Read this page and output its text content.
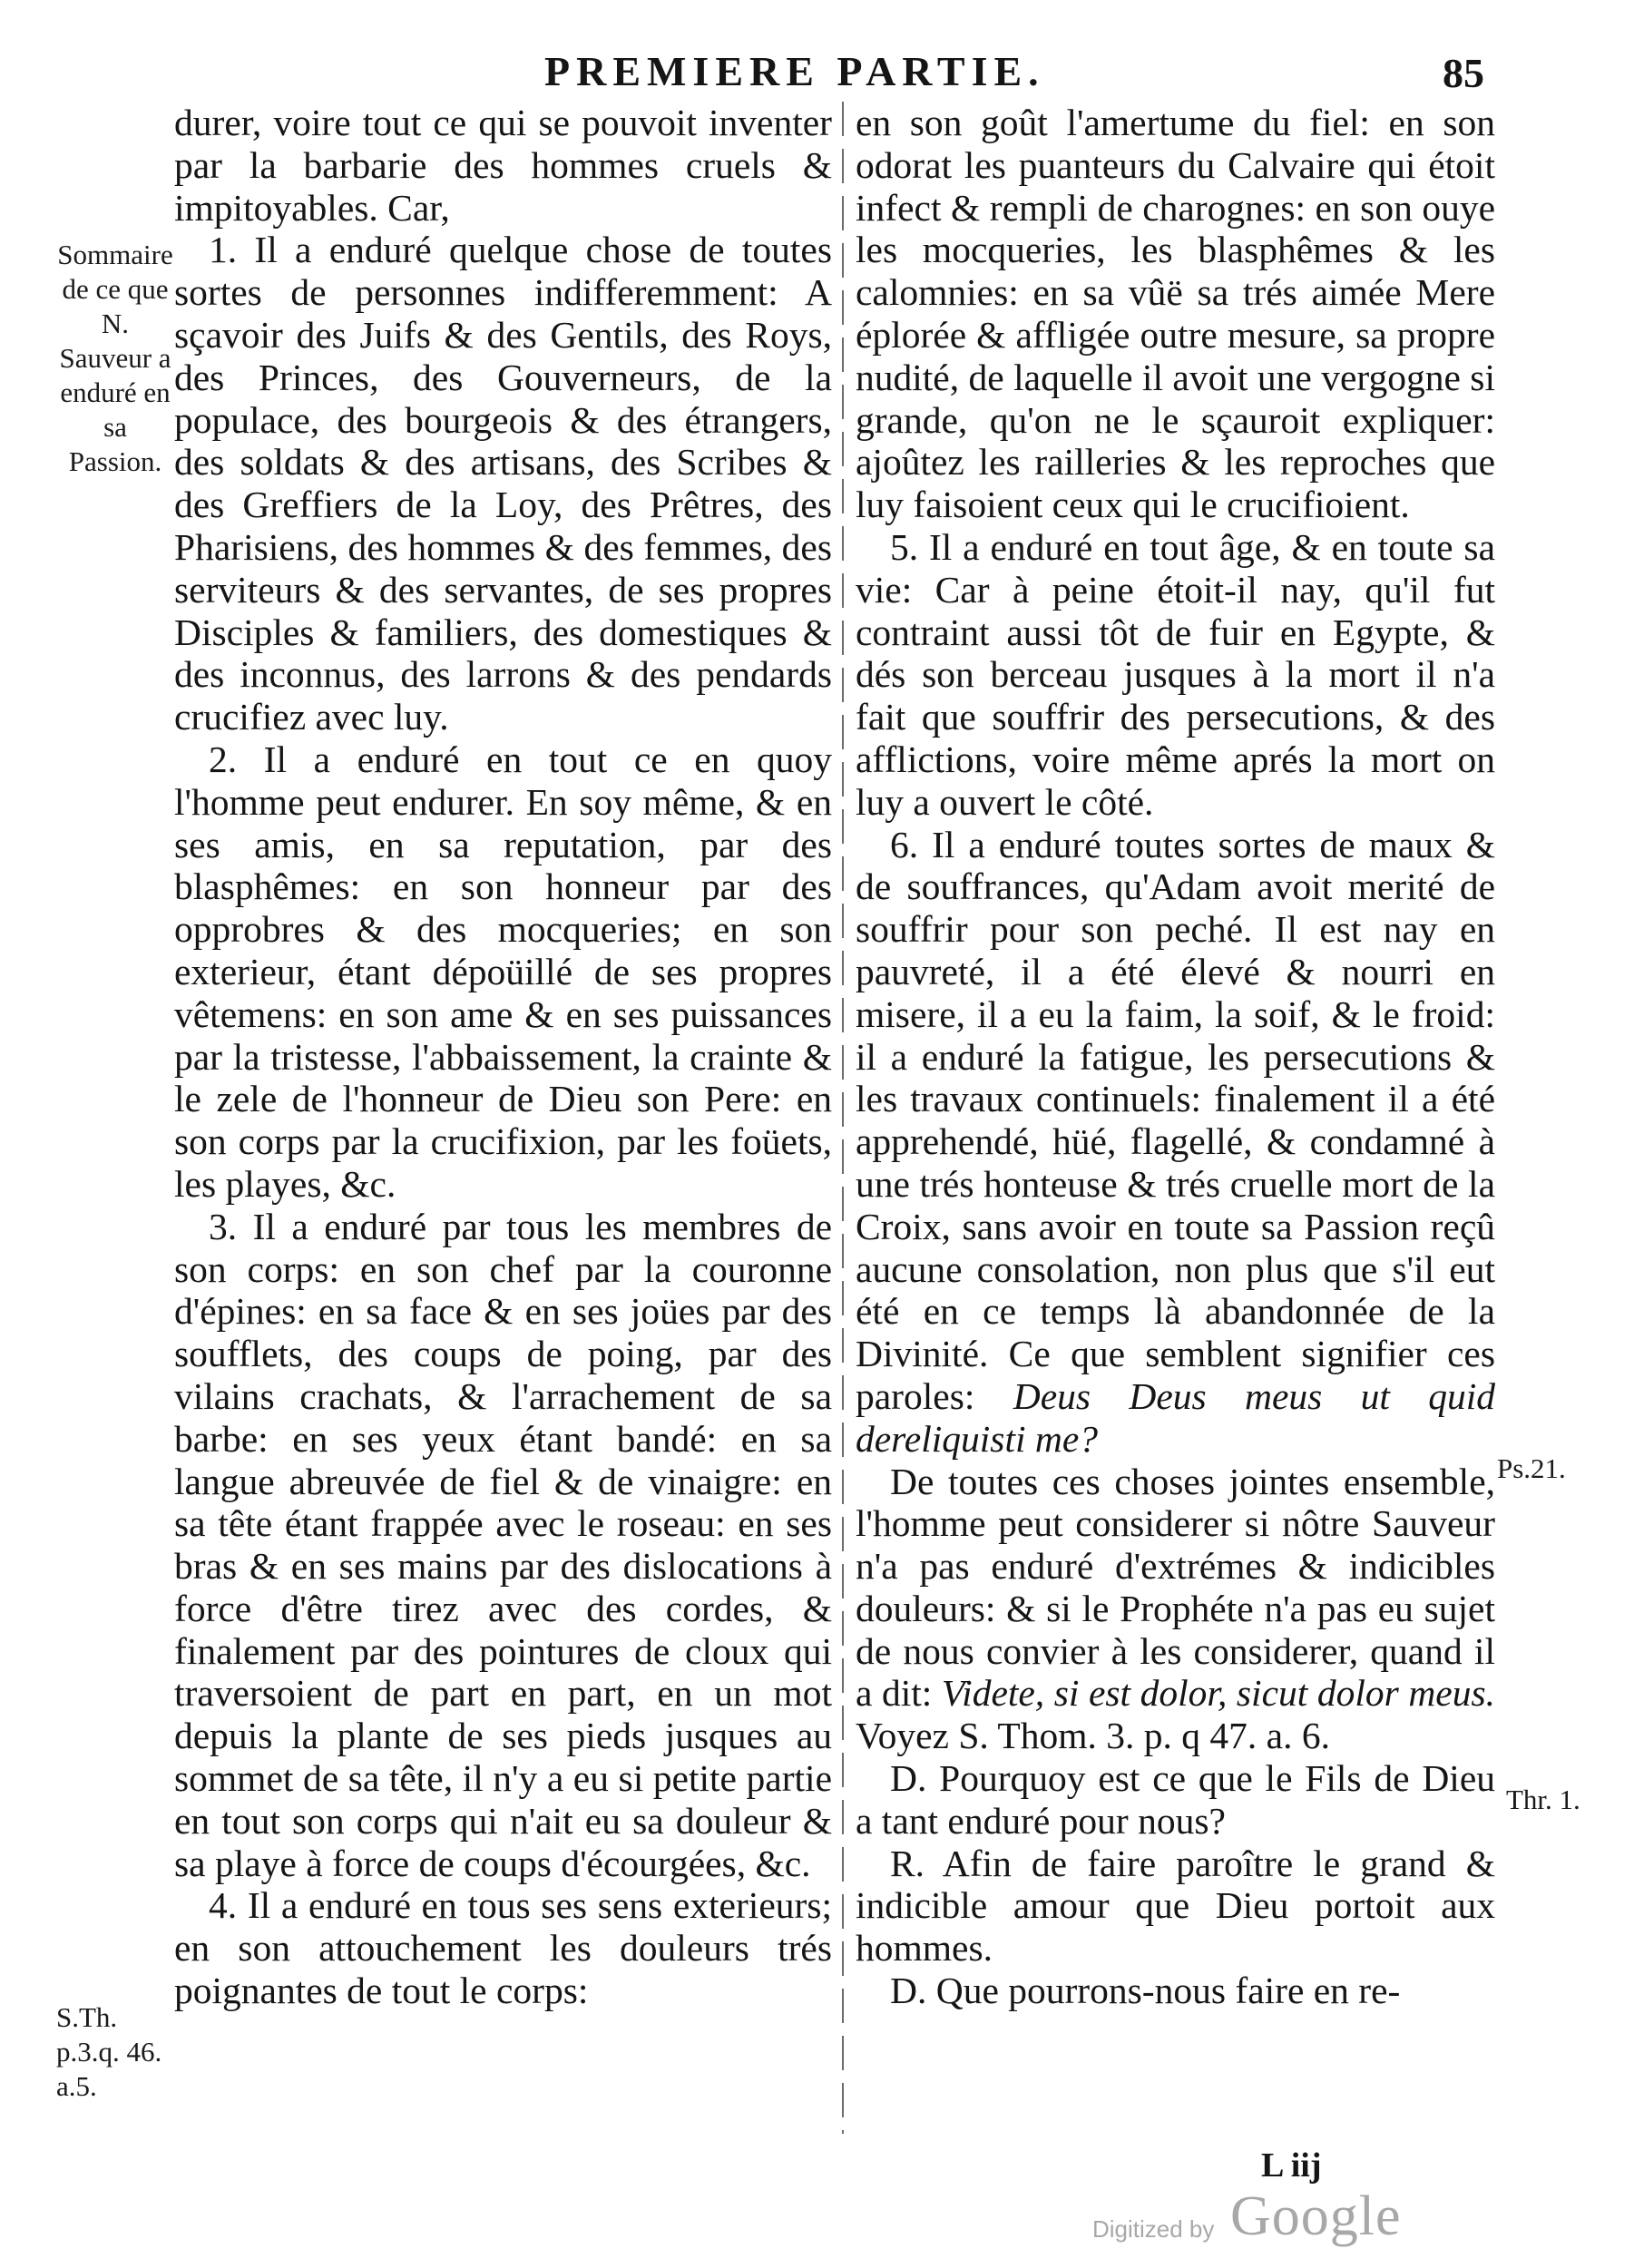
PREMIERE PARTIE.	85
Sommaire de ce que N. Sauveur a enduré en sa Passion.

durer, voire tout ce qui se pouvoit inventer par la barbarie des hommes cruels & impitoyables. Car,

1. Il a enduré quelque chose de toutes sortes de personnes indifferemment: A sçavoir des Juifs & des Gentils, des Roys, des Princes, des Gouverneurs, de la populace, des bourgeois & des étrangers, des soldats & des artisans, des Scribes & des Greffiers de la Loy, des Prêtres, des Pharisiens, des hommes & des femmes, des serviteurs & des servantes, de ses propres Disciples & familiers, des domestiques & des inconnus, des larrons & des pendards crucifiez avec luy.

2. Il a enduré en tout ce en quoy l'homme peut endurer. En soy même, & en ses amis, en sa reputation, par des blasphêmes: en son honneur par des opprobres & des mocqueries; en son exterieur, étant dépoüillé de ses propres vêtemens: en son ame & en ses puissances par la tristesse, l'abbaissement, la crainte & le zele de l'honneur de Dieu son Pere: en son corps par la crucifixion, par les foüets, les playes, &c.

3. Il a enduré par tous les membres de son corps: en son chef par la couronne d'épines: en sa face & en ses joües par des soufflets, des coups de poing, par des vilains crachats, & l'arrachement de sa barbe: en ses yeux étant bandé: en sa langue abreuvée de fiel & de vinaigre: en sa tête étant frappée avec le roseau: en ses bras & en ses mains par des dislocations à force d'être tirez avec des cordes, & finalement par des pointures de cloux qui traversoient de part en part, en un mot depuis la plante de ses pieds jusques au sommet de sa tête, il n'y a eu si petite partie en tout son corps qui n'ait eu sa douleur & sa playe à force de coups d'écourgées, &c.

4. Il a enduré en tous ses sens exterieurs; en son attouchement les douleurs trés poignantes de tout le corps:

en son goût l'amertume du fiel: en son odorat les puanteurs du Calvaire qui étoit infect & rempli de charognes: en son ouye les mocqueries, les blasphêmes & les calomnies: en sa vûë sa trés aimée Mere éplorée & affligée outre mesure, sa propre nudité, de laquelle il avoit une vergogne si grande, qu'on ne le sçauroit expliquer: ajoûtez les railleries & les reproches que luy faisoient ceux qui le crucifioient.

5. Il a enduré en tout âge, & en toute sa vie: Car à peine étoit-il nay, qu'il fut contraint aussi tôt de fuir en Egypte, & dés son berceau jusques à la mort il n'a fait que souffrir des persecutions, & des afflictions, voire même aprés la mort on luy a ouvert le côté.

6. Il a enduré toutes sortes de maux & de souffrances, qu'Adam avoit merité de souffrir pour son peché. Il est nay en pauvreté, il a été élevé & nourri en misere, il a eu la faim, la soif, & le froid: il a enduré la fatigue, les persecutions & les travaux continuels: finalement il a été apprehendé, hüé, flagellé, & condamné à une trés honteuse & trés cruelle mort de la Croix, sans avoir en toute sa Passion reçû aucune consolation, non plus que s'il eut été en ce temps là abandonnée de la Divinité. Ce que semblent signifier ces paroles: Deus Deus meus ut quid dereliquisti me?

De toutes ces choses jointes ensemble, l'homme peut considerer si nôtre Sauveur n'a pas enduré d'extrémes & indicibles douleurs: & si le Prophéte n'a pas eu sujet de nous convier à les considerer, quand il a dit: Videte, si est dolor, sicut dolor meus. Voyez S. Thom. 3. p. q 47. a. 6.

D. Pourquoy est ce que le Fils de Dieu a tant enduré pour nous?

R. Afin de faire paroître le grand & indicible amour que Dieu portoit aux hommes.

D. Que pourrons-nous faire en re-

Ps.21.
Thr. 1.
S.Th. p.3.q. 46. a.5.
L iij
Digitized by Google
